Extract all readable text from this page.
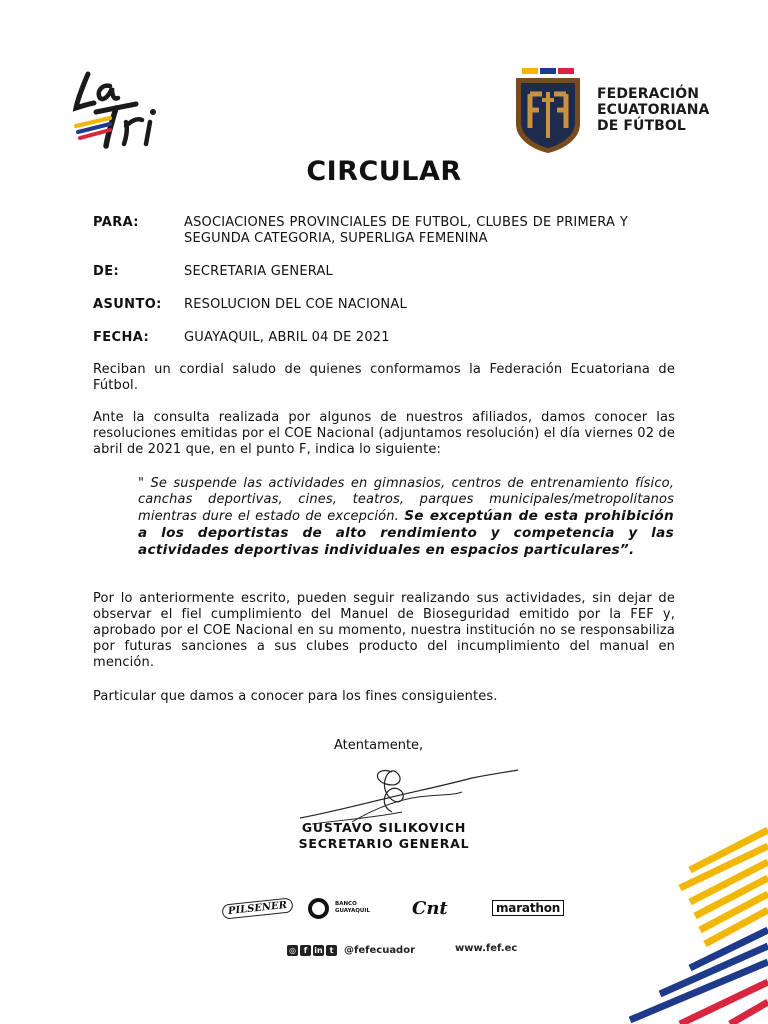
FEDERACIÓN
ECUATORIANA
DE FÚTBOL
CIRCULAR
PARA:	ASOCIACIONES PROVINCIALES DE FUTBOL, CLUBES DE PRIMERA Y SEGUNDA CATEGORIA, SUPERLIGA FEMENINA
DE:	SECRETARIA GENERAL
ASUNTO: RESOLUCION DEL COE NACIONAL
FECHA:	GUAYAQUIL, ABRIL 04 DE 2021
Reciban un cordial saludo de quienes conformamos la Federación Ecuatoriana de Fútbol.
Ante la consulta realizada por algunos de nuestros afiliados, damos conocer las resoluciones emitidas por el COE Nacional (adjuntamos resolución) el día viernes 02 de abril de 2021 que, en el punto F, indica lo siguiente:
" Se suspende las actividades en gimnasios, centros de entrenamiento físico, canchas deportivas, cines, teatros, parques municipales/metropolitanos mientras dure el estado de excepción. Se exceptúan de esta prohibición a los deportistas de alto rendimiento y competencia y las actividades deportivas individuales en espacios particulares”.
Por lo anteriormente escrito, pueden seguir realizando sus actividades, sin dejar de observar el fiel cumplimiento del Manuel de Bioseguridad emitido por la FEF y, aprobado por el COE Nacional en su momento, nuestra institución no se responsabiliza por futuras sanciones a sus clubes producto del incumplimiento del manual en mención.
Particular que damos a conocer para los fines consiguientes.
Atentamente,
GUSTAVO SILIKOVICH
SECRETARIO GENERAL
PILSENER	BANCO
GUAYAQUIL Cnt	marathon
◎ f in t	@fefecuador	www.fef.ec
